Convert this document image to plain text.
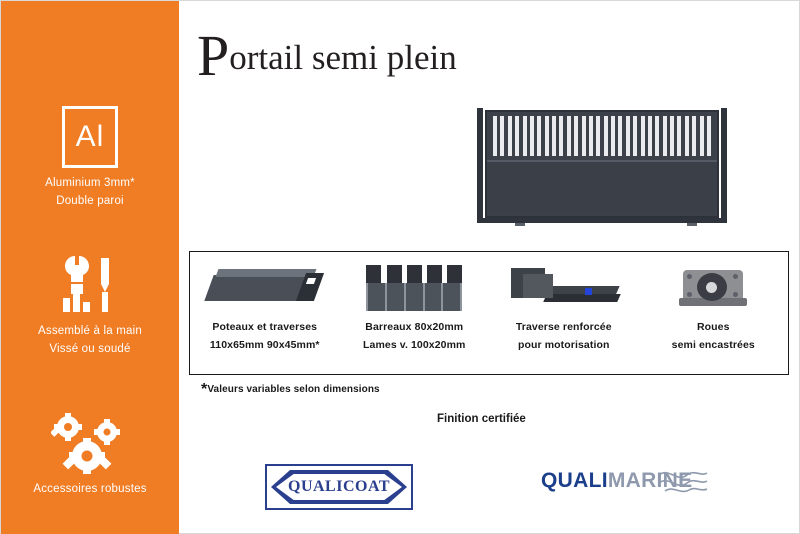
Al
Aluminium 3mm*
Double paroi
Assemblé à la main
Vissé ou soudé
Accessoires robustes
Portail semi plein
Poteaux et traverses
110x65mm 90x45mm*
Barreaux 80x20mm
Lames v. 100x20mm
Traverse renforcée
pour motorisation
Roues
semi encastrées
*Valeurs variables selon dimensions
Finition certifiée
QUALICOAT	QUALIMARINE
